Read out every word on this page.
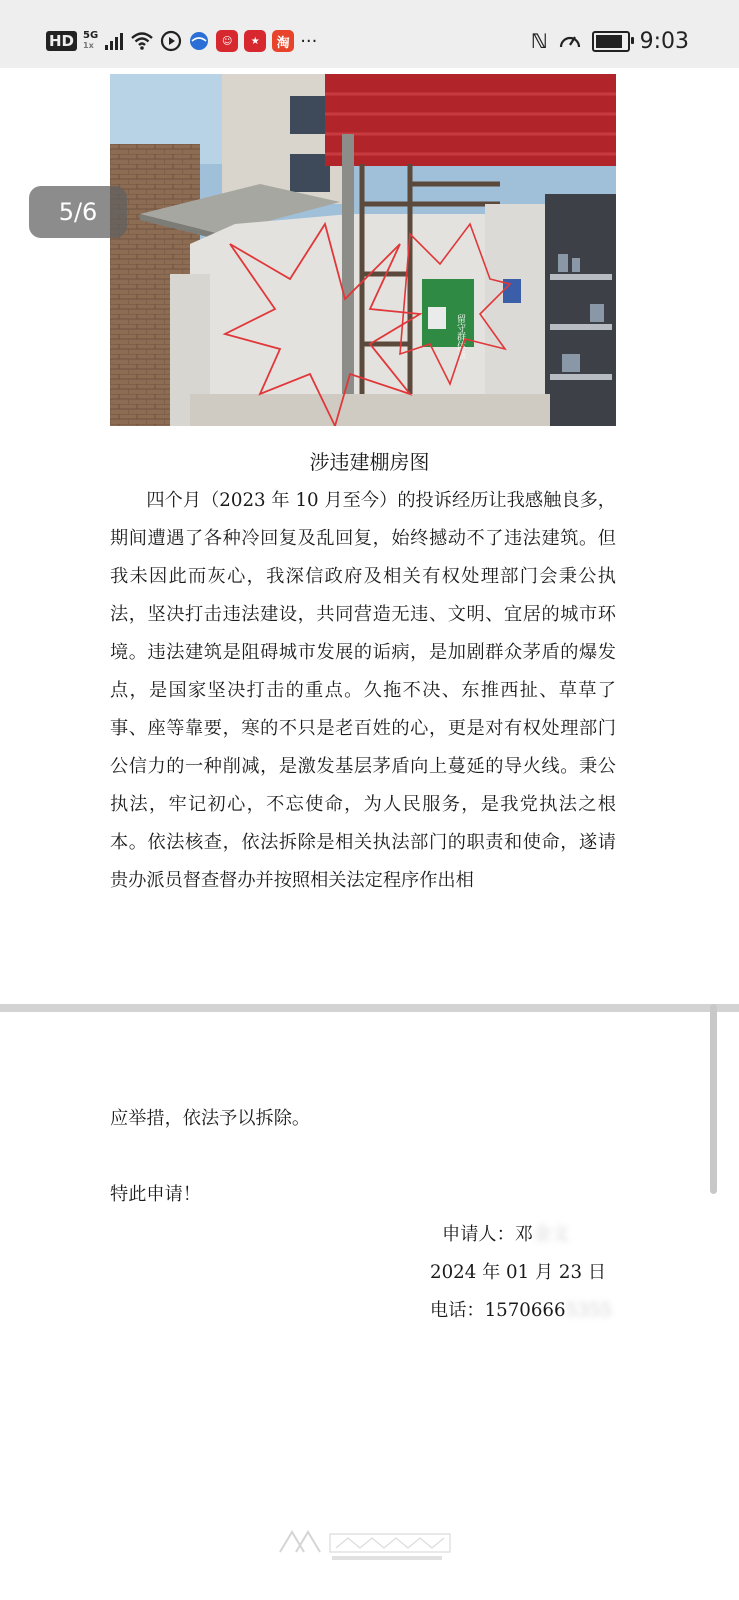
HD 5G
1x	☺	★	淘 ···	ℕ	9:03
留守群体点
5/6
涉违建棚房图
四个月（2023 年 10 月至今）的投诉经历让我感触良多，期间遭遇了各种冷回复及乱回复，始终撼动不了违法建筑。但我未因此而灰心，我深信政府及相关有权处理部门会秉公执法，坚决打击违法建设，共同营造无违、文明、宜居的城市环境。违法建筑是阻碍城市发展的诟病，是加剧群众茅盾的爆发点，是国家坚决打击的重点。久拖不决、东推西扯、草草了事、座等靠要，寒的不只是老百姓的心，更是对有权处理部门公信力的一种削减，是激发基层茅盾向上蔓延的导火线。秉公执法，牢记初心，不忘使命，为人民服务，是我党执法之根本。依法核查，依法拆除是相关执法部门的职责和使命，遂请贵办派员督查督办并按照相关法定程序作出相
应举措，依法予以拆除。
特此申请！
申请人：邓金文
2024 年 01 月 23 日
电话：15706665355
